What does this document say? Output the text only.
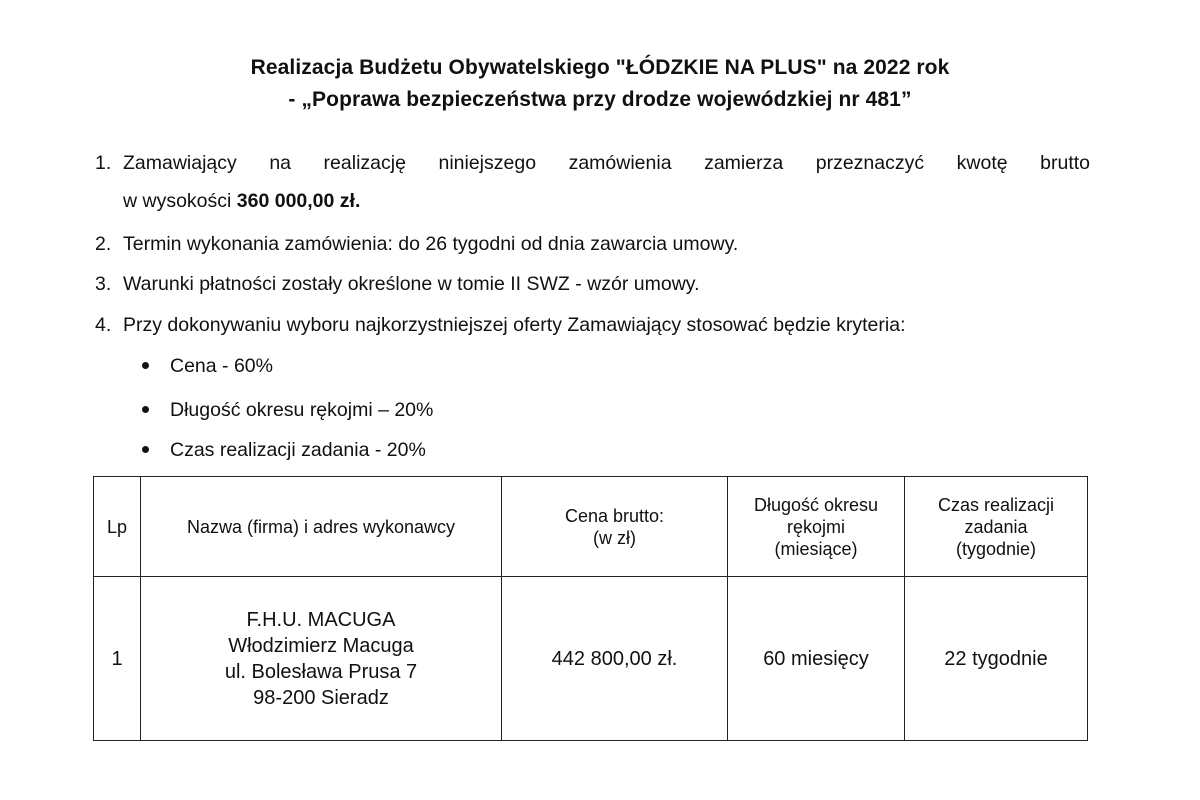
Realizacja Budżetu Obywatelskiego "ŁÓDZKIE NA PLUS" na 2022 rok
- „Poprawa bezpieczeństwa przy drodze wojewódzkiej nr 481”
1. Zamawiający na realizację niniejszego zamówienia zamierza przeznaczyć kwotę brutto
w wysokości 360 000,00 zł.
2. Termin wykonania zamówienia: do 26 tygodni od dnia zawarcia umowy.
3. Warunki płatności zostały określone w tomie II SWZ - wzór umowy.
4. Przy dokonywaniu wyboru najkorzystniejszej oferty Zamawiający stosować będzie kryteria:
Cena - 60%
Długość okresu rękojmi – 20%
Czas realizacji zadania - 20%
Lp	Nazwa (firma) i adres wykonawcy	Cena brutto:
(w zł)	Długość okresu
rękojmi
(miesiące)	Czas realizacji
zadania
(tygodnie)

1	F.H.U. MACUGA
Włodzimierz Macuga
ul. Bolesława Prusa 7
98-200 Sieradz	442 800,00 zł.	60 miesięcy	22 tygodnie
